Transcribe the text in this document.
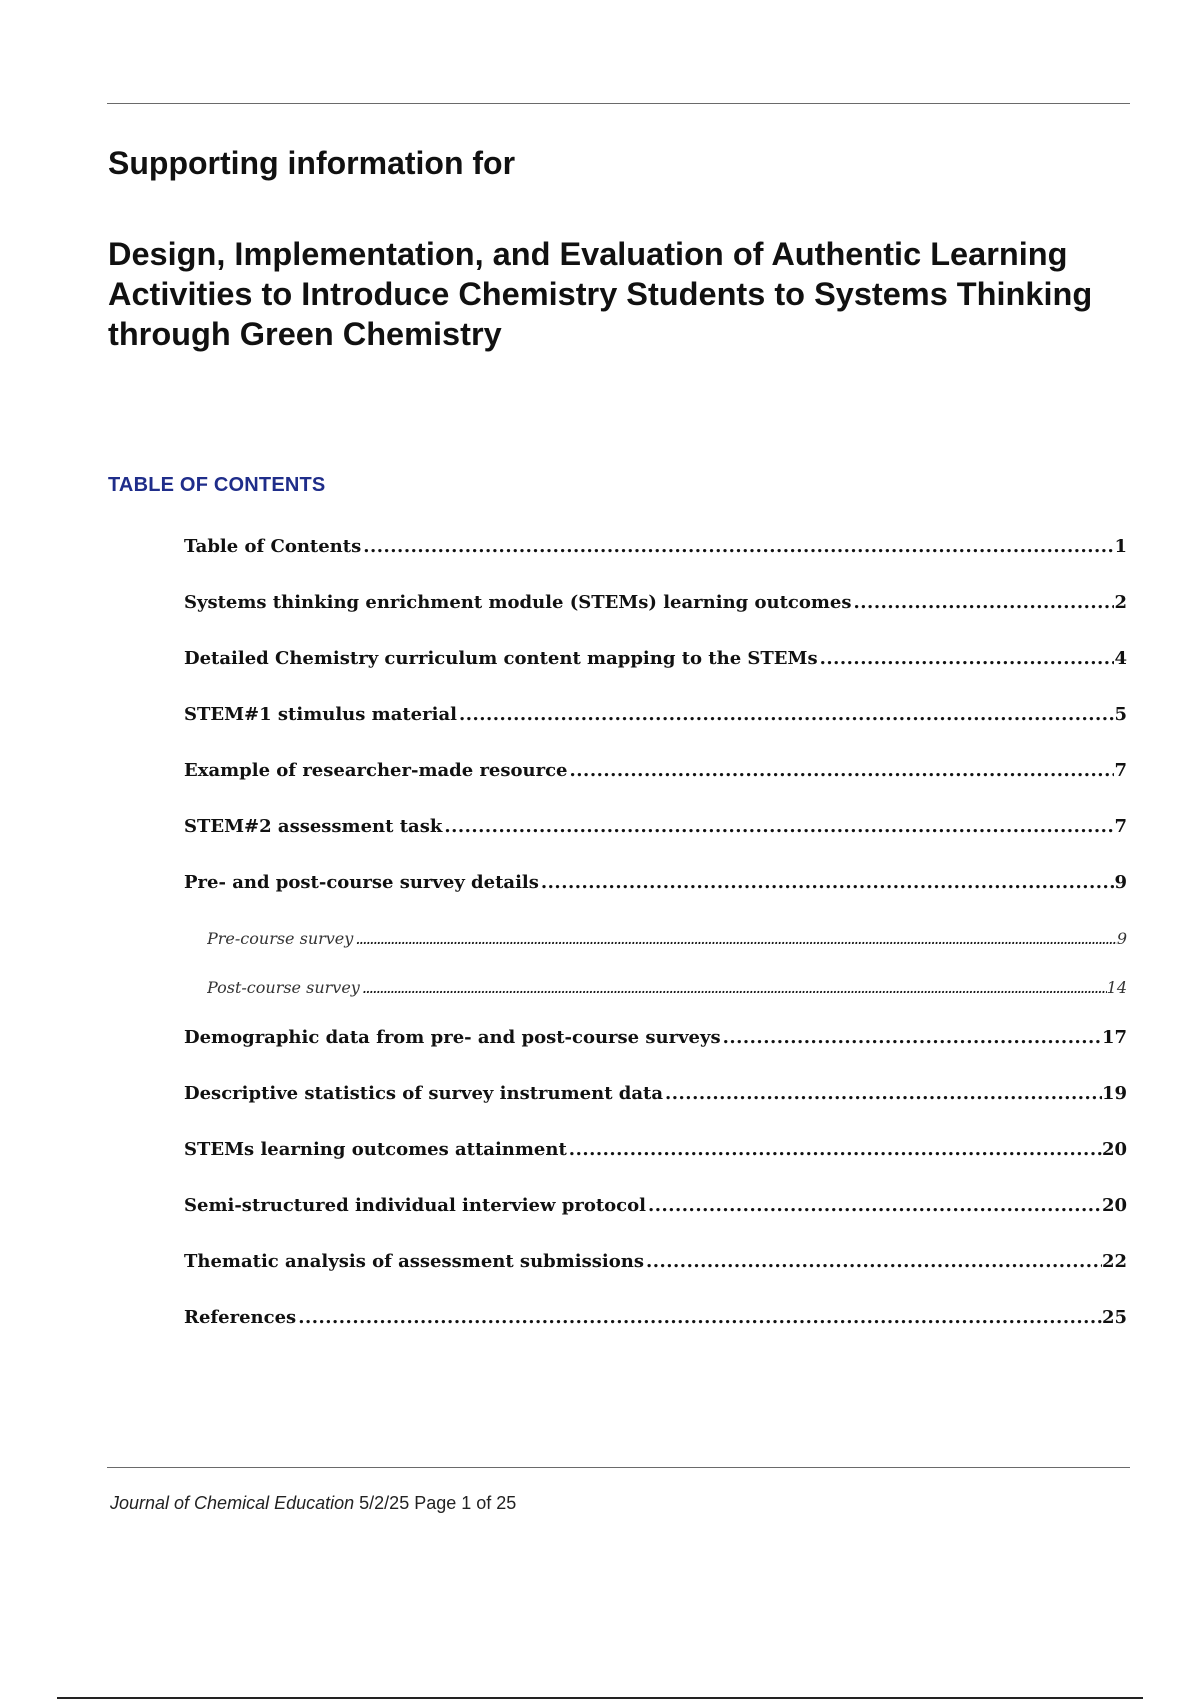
Supporting information for
Design, Implementation, and Evaluation of Authentic Learning
Activities to Introduce Chemistry Students to Systems Thinking
through Green Chemistry
TABLE OF CONTENTS
Table of Contents .....	1
Systems thinking enrichment module (STEMs) learning outcomes .....	2
Detailed Chemistry curriculum content mapping to the STEMs .....	4
STEM#1 stimulus material .....	5
Example of researcher-made resource .....	7
STEM#2 assessment task .....	7
Pre- and post-course survey details .....	9
Pre-course survey .....	9
Post-course survey .....	14
Demographic data from pre- and post-course surveys .....	17
Descriptive statistics of survey instrument data .....	19
STEMs learning outcomes attainment .....	20
Semi-structured individual interview protocol .....	20
Thematic analysis of assessment submissions .....	22
References .....	25
Journal of Chemical Education 5/2/25 Page 1 of 25
